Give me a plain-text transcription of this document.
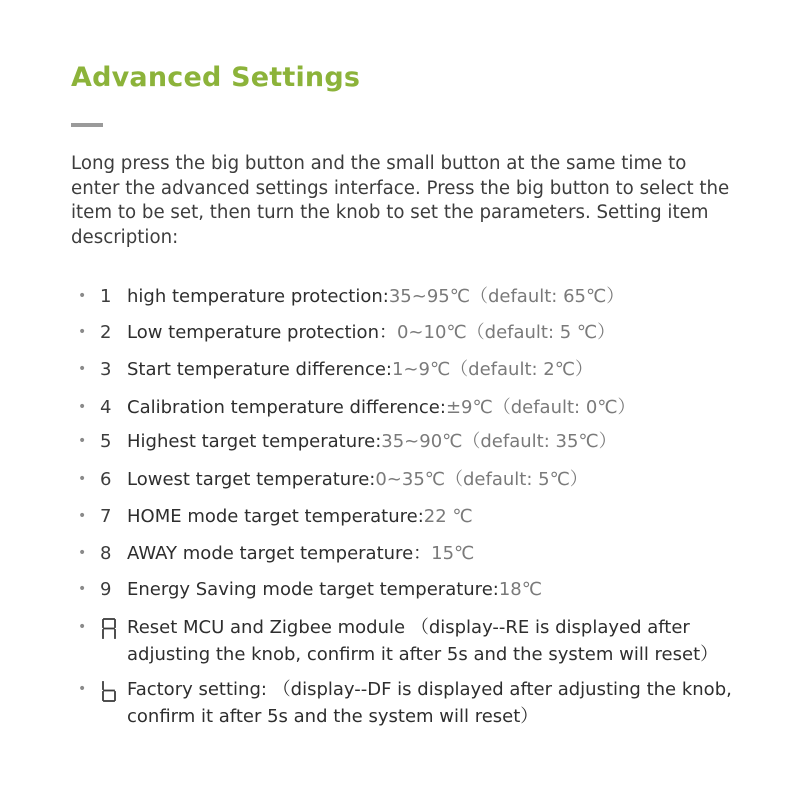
Advanced Settings

Long press the big button and the small button at the same time to enter the advanced settings interface. Press the big button to select the item to be set, then turn the knob to set the parameters. Setting item description:

• 1 high temperature protection: 35~95℃（default: 65℃）
• 2 Low temperature protection： 0~10℃（default: 5 ℃）
• 3 Start temperature difference: 1~9℃（default: 2℃）
• 4 Calibration temperature difference: ±9℃（default: 0℃）
• 5 Highest target temperature: 35~90℃（default: 35℃）
• 6 Lowest target temperature: 0~35℃（default: 5℃）
• 7 HOME mode target temperature: 22 ℃
• 8 AWAY mode target temperature： 15℃
• 9 Energy Saving mode target temperature: 18℃
•	Reset MCU and Zigbee module （display--RE is displayed after adjusting the knob, confirm it after 5s and the system will reset）
•	Factory setting: （display--DF is displayed after adjusting the knob, confirm it after 5s and the system will reset）
